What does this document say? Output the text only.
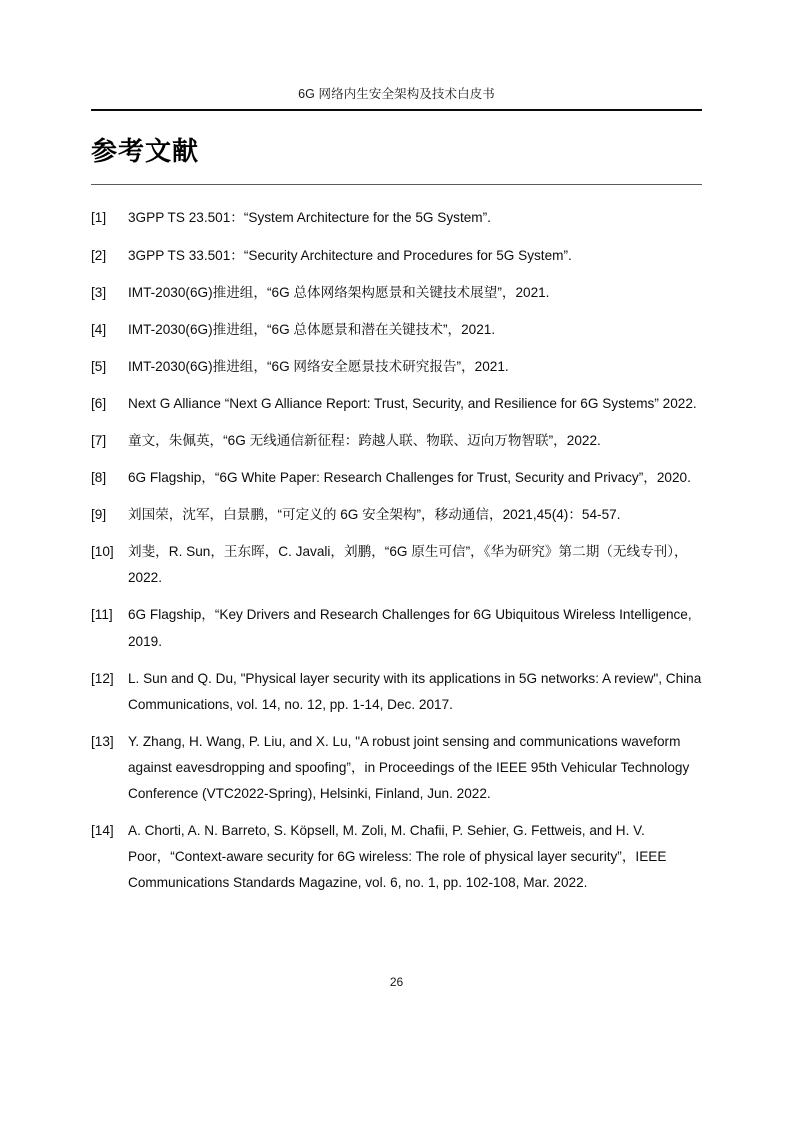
6G 网络内生安全架构及技术白皮书
参考文献
[1] 3GPP TS 23.501：“System Architecture for the 5G System”.
[2] 3GPP TS 33.501：“Security Architecture and Procedures for 5G System”.
[3] IMT-2030(6G)推进组，“6G 总体网络架构愿景和关键技术展望”，2021.
[4] IMT-2030(6G)推进组，“6G 总体愿景和潜在关键技术”，2021.
[5] IMT-2030(6G)推进组，“6G 网络安全愿景技术研究报告”，2021.
[6] Next G Alliance “Next G Alliance Report: Trust, Security, and Resilience for 6G Systems” 2022.
[7] 童文，朱佩英，“6G 无线通信新征程：跨越人联、物联、迈向万物智联”，2022.
[8] 6G Flagship，“6G White Paper: Research Challenges for Trust, Security and Privacy”，2020.
[9] 刘国荣，沈军，白景鹏，“可定义的 6G 安全架构”，移动通信，2021,45(4)：54-57.
[10] 刘斐，R. Sun，王东晖，C. Javali，刘鹏，“6G 原生可信”，《华为研究》第二期（无线专刊），2022.
[11] 6G Flagship，“Key Drivers and Research Challenges for 6G Ubiquitous Wireless Intelligence, 2019.
[12] L. Sun and Q. Du, "Physical layer security with its applications in 5G networks: A review", China Communications, vol. 14, no. 12, pp. 1-14, Dec. 2017.
[13] Y. Zhang, H. Wang, P. Liu, and X. Lu, "A robust joint sensing and communications waveform against eavesdropping and spoofing”，in Proceedings of the IEEE 95th Vehicular Technology Conference (VTC2022-Spring), Helsinki, Finland, Jun. 2022.
[14] A. Chorti, A. N. Barreto, S. Köpsell, M. Zoli, M. Chafii, P. Sehier, G. Fettweis, and H. V. Poor，“Context-aware security for 6G wireless: The role of physical layer security”，IEEE Communications Standards Magazine, vol. 6, no. 1, pp. 102-108, Mar. 2022.
26
